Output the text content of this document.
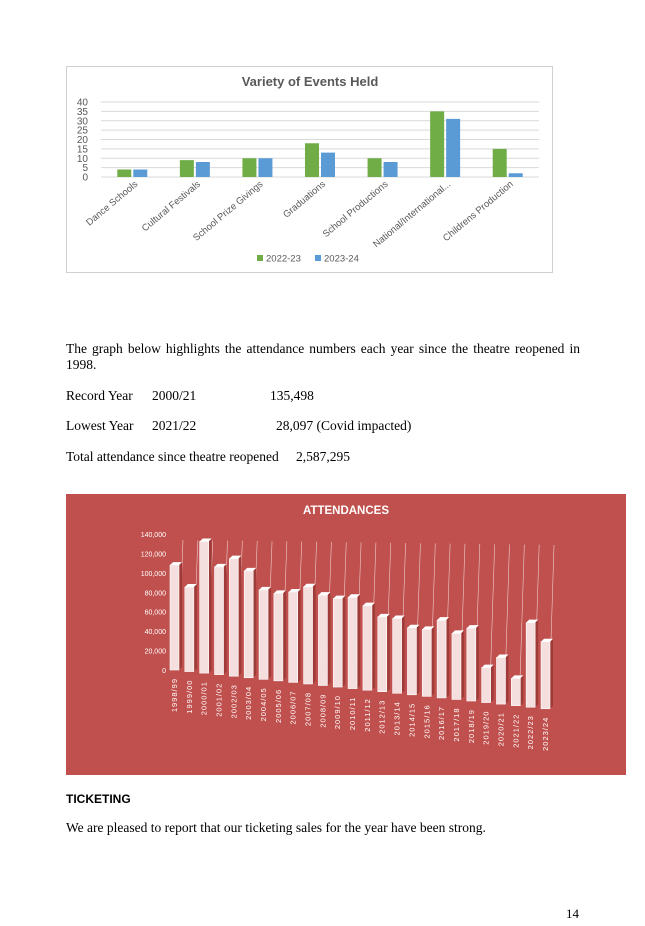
Variety of Events Held
0
5
10
15
20
25
30
35
40
Dance Schools Cultural Festivals
School Prize Givings Graduations
School Productions
National/International...
Childrens Production
2022-23 2023-24

The graph below highlights the attendance numbers each year since the theatre reopened in 1998.

Record Year 2000/21	135,498

Lowest Year 2021/22	28,097 (Covid impacted)

Total attendance since theatre reopened 2,587,295

ATTENDANCES
0
20,000
40,000
60,000
80,000
100,000
120,000
140,000
1998/99 1999/00 2000/01 2001/02 2002/03 2003/04 2004/05 2005/06 2006/07 2007/08 2008/09 2009/10 2010/11 2011/12 2012/13 2013/14 2014/15 2015/16 2016/17 2017/18 2018/19 2019/20 2020/21 2021/22 2022/23 2023/24

TICKETING

We are pleased to report that our ticketing sales for the year have been strong.

14
